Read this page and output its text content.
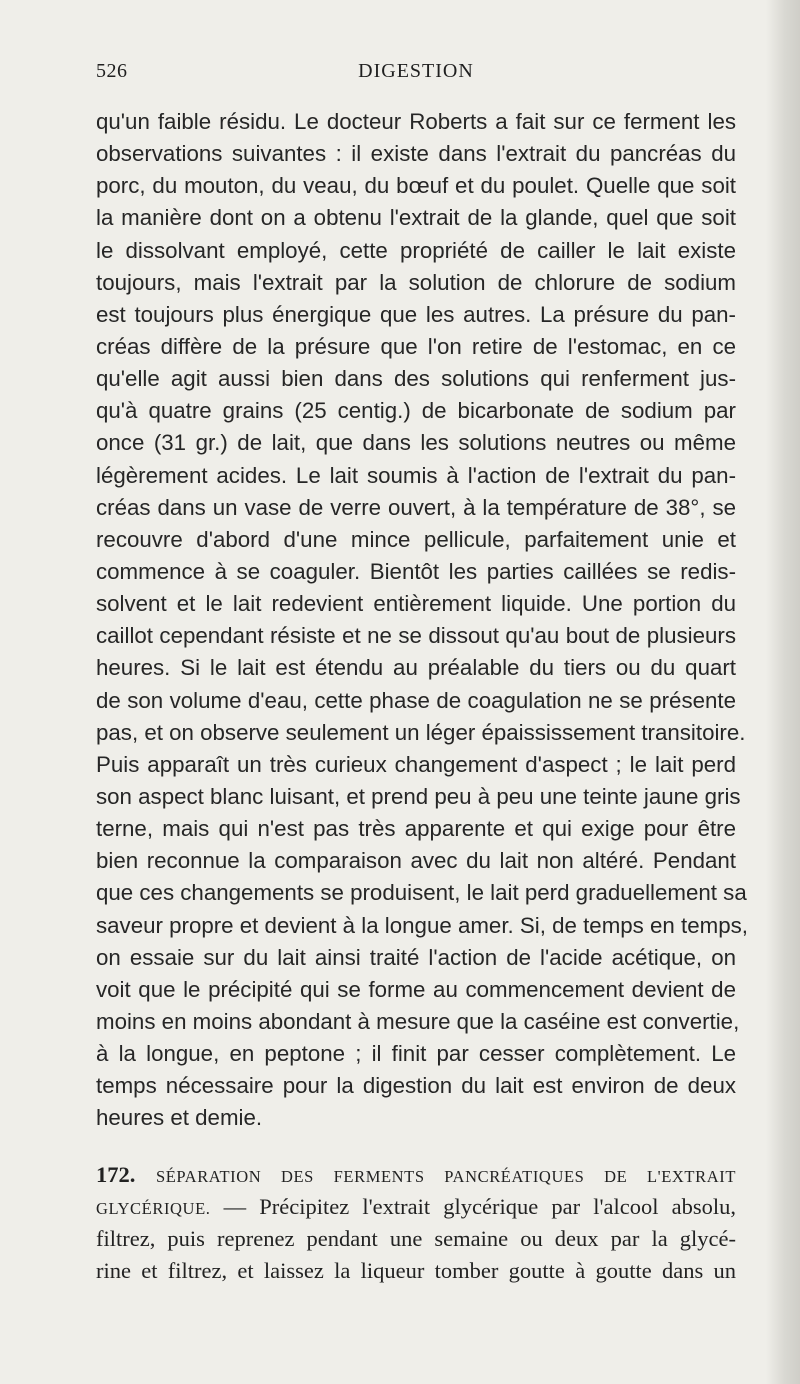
526	DIGESTION
qu'un faible résidu. Le docteur Roberts a fait sur ce ferment les
observations suivantes : il existe dans l'extrait du pancréas du
porc, du mouton, du veau, du bœuf et du poulet. Quelle que soit
la manière dont on a obtenu l'extrait de la glande, quel que soit
le dissolvant employé, cette propriété de cailler le lait existe
toujours, mais l'extrait par la solution de chlorure de sodium
est toujours plus énergique que les autres. La présure du pan-
créas diffère de la présure que l'on retire de l'estomac, en ce
qu'elle agit aussi bien dans des solutions qui renferment jus-
qu'à quatre grains (25 centig.) de bicarbonate de sodium par
once (31 gr.) de lait, que dans les solutions neutres ou même
légèrement acides. Le lait soumis à l'action de l'extrait du pan-
créas dans un vase de verre ouvert, à la température de 38°, se
recouvre d'abord d'une mince pellicule, parfaitement unie et
commence à se coaguler. Bientôt les parties caillées se redis-
solvent et le lait redevient entièrement liquide. Une portion du
caillot cependant résiste et ne se dissout qu'au bout de plusieurs
heures. Si le lait est étendu au préalable du tiers ou du quart
de son volume d'eau, cette phase de coagulation ne se présente
pas, et on observe seulement un léger épaississement transitoire.
Puis apparaît un très curieux changement d'aspect ; le lait perd
son aspect blanc luisant, et prend peu à peu une teinte jaune gris
terne, mais qui n'est pas très apparente et qui exige pour être
bien reconnue la comparaison avec du lait non altéré. Pendant
que ces changements se produisent, le lait perd graduellement sa
saveur propre et devient à la longue amer. Si, de temps en temps,
on essaie sur du lait ainsi traité l'action de l'acide acétique, on
voit que le précipité qui se forme au commencement devient de
moins en moins abondant à mesure que la caséine est convertie,
à la longue, en peptone ; il finit par cesser complètement. Le
temps nécessaire pour la digestion du lait est environ de deux
heures et demie.
172. SÉPARATION DES FERMENTS PANCRÉATIQUES DE L'EXTRAIT
GLYCÉRIQUE. — Précipitez l'extrait glycérique par l'alcool absolu,
filtrez, puis reprenez pendant une semaine ou deux par la glycé-
rine et filtrez, et laissez la liqueur tomber goutte à goutte dans un
